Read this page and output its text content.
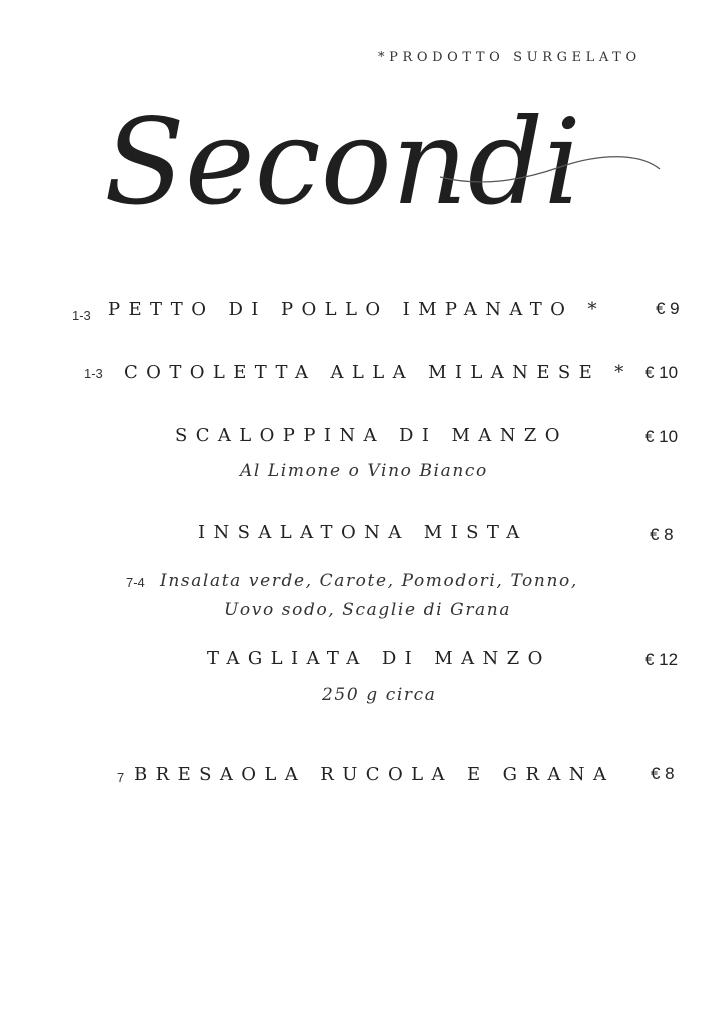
*PRODOTTO SURGELATO
Secondi
1-3 PETTO DI POLLO IMPANATO *	€ 9
1-3 COTOLETTA ALLA MILANESE * € 10
SCALOPPINA DI MANZO	€ 10
Al Limone o Vino Bianco
INSALATONA MISTA	€ 8
7-4 Insalata verde, Carote, Pomodori, Tonno,
Uovo sodo, Scaglie di Grana
TAGLIATA DI MANZO	€ 12
250 g circa
7 BRESAOLA RUCOLA E GRANA € 8
